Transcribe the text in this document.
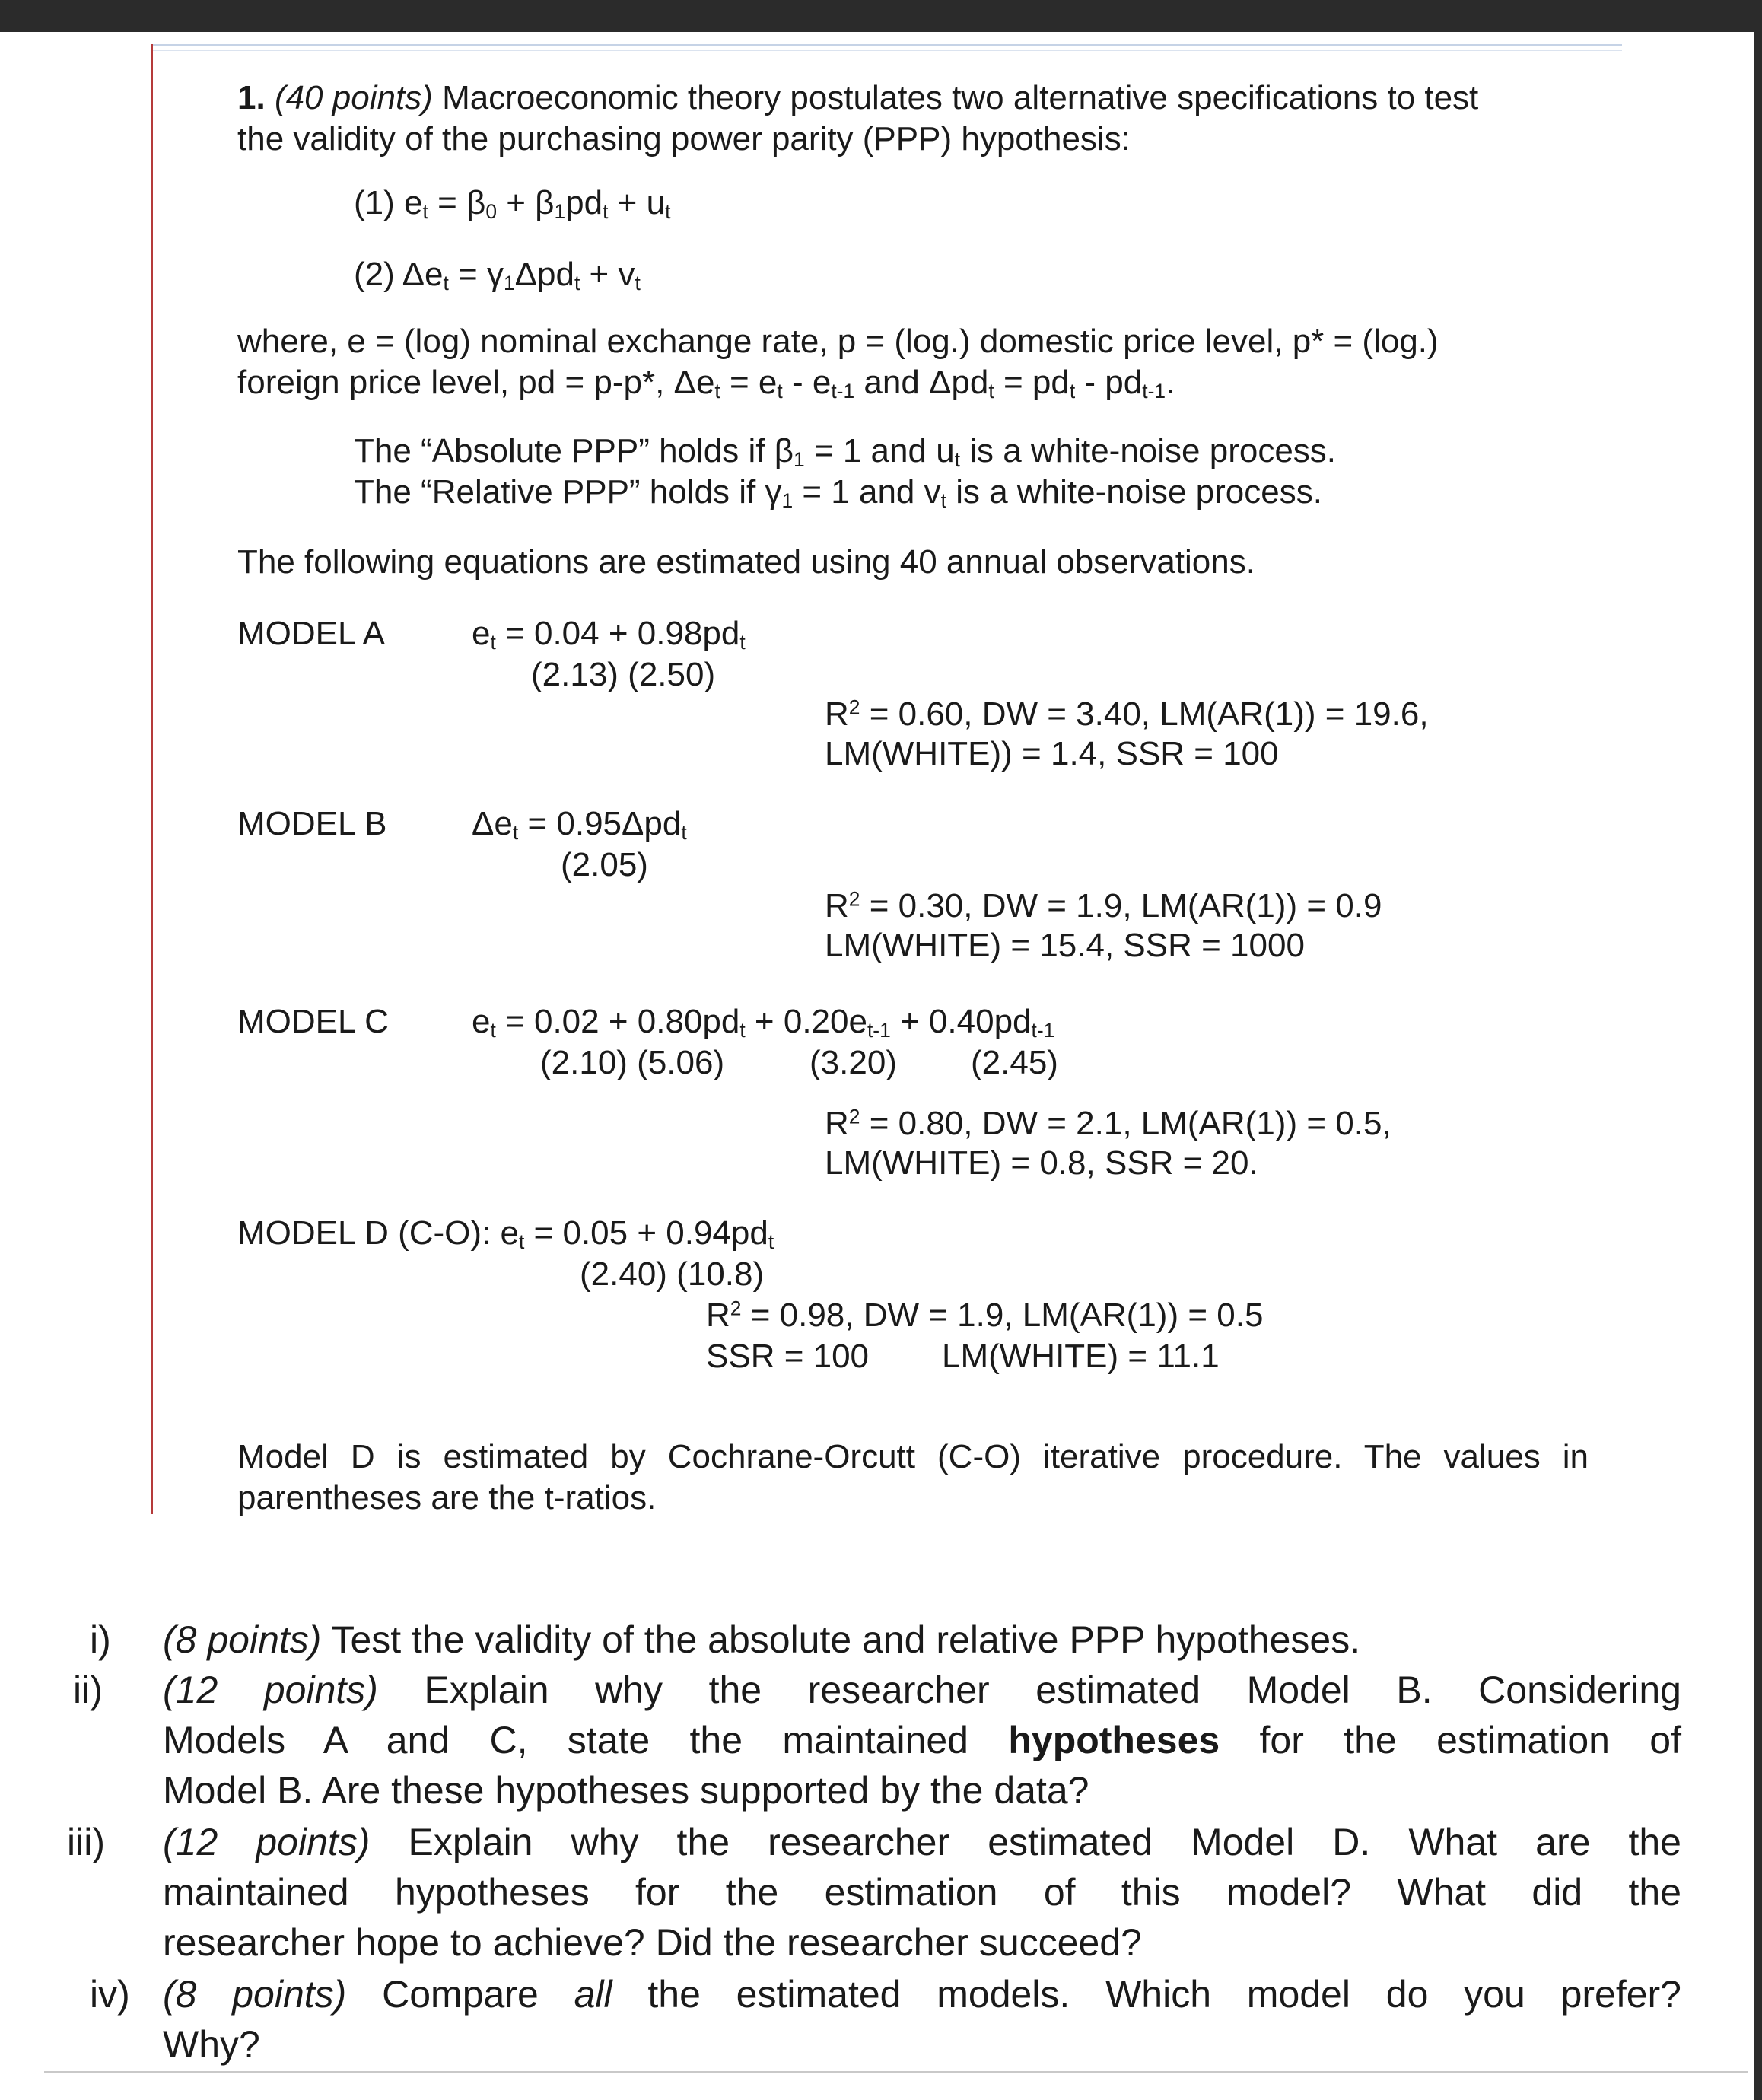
1. (40 points) Macroeconomic theory postulates two alternative specifications to test
the validity of the purchasing power parity (PPP) hypothesis:
(1) $e_t = \beta_0 + \beta_1pd_t + u_t$
(2) $\Delta e_t = \gamma_1\Delta pd_t + v_t$
where, e = (log) nominal exchange rate, p = (log.) domestic price level, p* = (log.)
foreign price level, pd = p-p*, $\Delta e_t = e_t - e_{t-1}$ and $\Delta pd_t = pd_t - pd_{t-1}$.
The “Absolute PPP” holds if $\beta_1 = 1$ and $u_t$ is a white-noise process.
The “Relative PPP” holds if $\gamma_1 = 1$ and $v_t$ is a white-noise process.
The following equations are estimated using 40 annual observations.
MODEL A	$e_t = 0.04 + 0.98pd_t$
(2.13) (2.50)
$R^2 = 0.60$, DW = 3.40, LM(AR(1)) = 19.6,
LM(WHITE)) = 1.4, SSR = 100
MODEL B	$\Delta e_t = 0.95\Delta pd_t$
(2.05)
$R^2 = 0.30$, DW = 1.9, LM(AR(1)) = 0.9
LM(WHITE) = 15.4, SSR = 1000
MODEL C $e_t = 0.02 + 0.80pd_t + 0.20e_{t-1} + 0.40pd_{t-1}$
(2.10) (5.06)	(3.20) (2.45)
$R^2 = 0.80$, DW = 2.1, LM(AR(1)) = 0.5,
LM(WHITE) = 0.8, SSR = 20.
MODEL D (C-O): $e_t = 0.05 + 0.94pd_t$
(2.40) (10.8)
$R^2 = 0.98$, DW = 1.9, LM(AR(1)) = 0.5
SSR = 100 LM(WHITE) = 11.1
Model D is estimated by Cochrane-Orcutt (C-O) iterative procedure. The values in
parentheses are the t-ratios.
i) (8 points) Test the validity of the absolute and relative PPP hypotheses.
ii) (12 points) Explain why the researcher estimated Model B. Considering
Models A and C, state the maintained hypotheses for the estimation of
Model B. Are these hypotheses supported by the data?
iii) (12 points) Explain why the researcher estimated Model D. What are the
maintained hypotheses for the estimation of this model? What did the
researcher hope to achieve? Did the researcher succeed?
iv) (8 points) Compare all the estimated models. Which model do you prefer?
Why?
